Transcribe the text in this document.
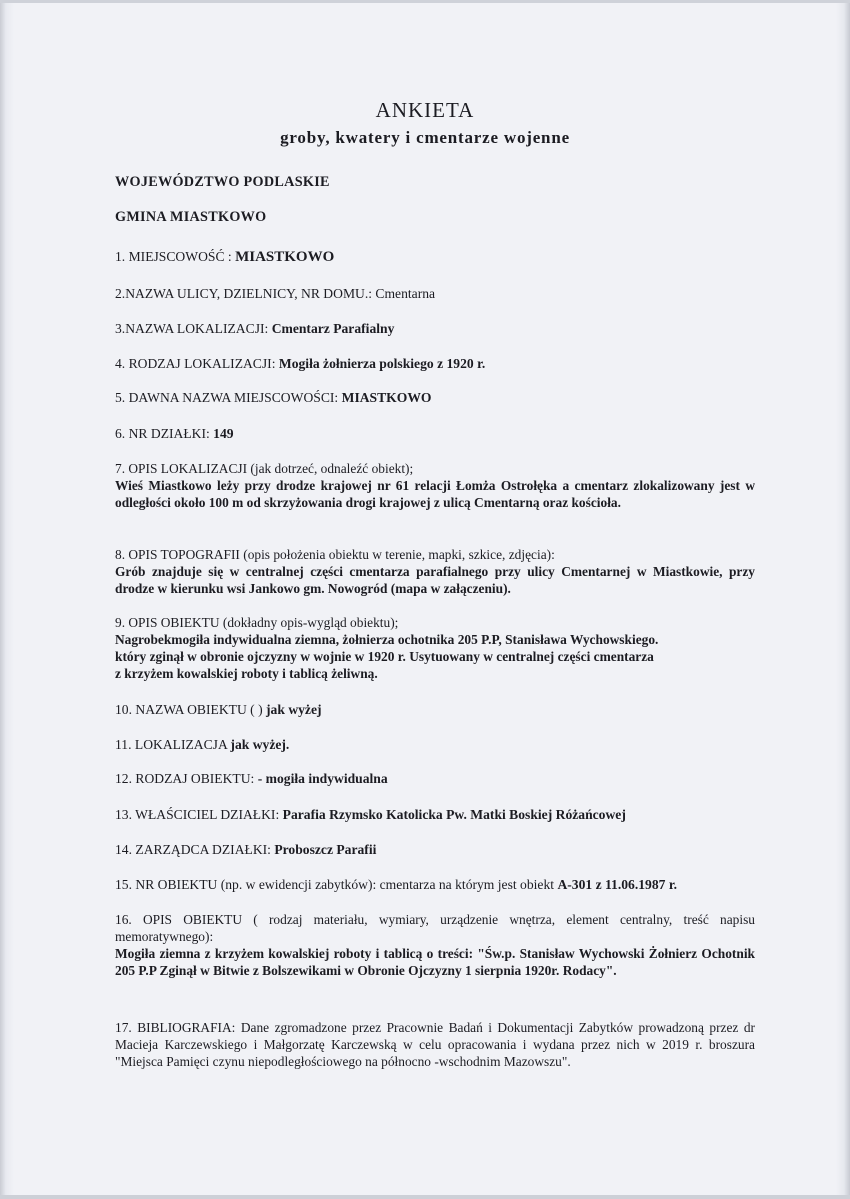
ANKIETA
groby, kwatery i cmentarze wojenne
WOJEWÓDZTWO PODLASKIE
GMINA MIASTKOWO
1. MIEJSCOWOŚĆ : MIASTKOWO
2.NAZWA ULICY, DZIELNICY, NR DOMU.: Cmentarna
3.NAZWA LOKALIZACJI: Cmentarz Parafialny
4. RODZAJ LOKALIZACJI: Mogiła żołnierza polskiego z 1920 r.
5. DAWNA NAZWA MIEJSCOWOŚCI: MIASTKOWO
6. NR DZIAŁKI: 149
7. OPIS LOKALIZACJI (jak dotrzeć, odnaleźć obiekt);
Wieś Miastkowo leży przy drodze krajowej nr 61 relacji Łomża Ostrołęka a cmentarz zlokalizowany jest w odległości około 100 m od skrzyżowania drogi krajowej z ulicą Cmentarną oraz kościoła.
8. OPIS TOPOGRAFII (opis położenia obiektu w terenie, mapki, szkice, zdjęcia):
Grób znajduje się w centralnej części cmentarza parafialnego przy ulicy Cmentarnej w Miastkowie, przy drodze w kierunku wsi Jankowo gm. Nowogród (mapa w załączeniu).
9. OPIS OBIEKTU (dokładny opis-wygląd obiektu);
Nagrobekmogiła indywidualna ziemna, żołnierza ochotnika 205 P.P, Stanisława Wychowskiego.
który zginął w obronie ojczyzny w wojnie w 1920 r. Usytuowany w centralnej części cmentarza
z krzyżem kowalskiej roboty i tablicą żeliwną.
10. NAZWA OBIEKTU ( ) jak wyżej
11. LOKALIZACJA jak wyżej.
12. RODZAJ OBIEKTU: - mogiła indywidualna
13. WŁAŚCICIEL DZIAŁKI: Parafia Rzymsko Katolicka Pw. Matki Boskiej Różańcowej
14. ZARZĄDCA DZIAŁKI: Proboszcz Parafii
15. NR OBIEKTU (np. w ewidencji zabytków): cmentarza na którym jest obiekt A-301 z 11.06.1987 r.
16. OPIS OBIEKTU ( rodzaj materiału, wymiary, urządzenie wnętrza, element centralny, treść napisu memoratywnego):
Mogiła ziemna z krzyżem kowalskiej roboty i tablicą o treści: "Św.p. Stanisław Wychowski Żołnierz Ochotnik 205 P.P Zginął w Bitwie z Bolszewikami w Obronie Ojczyzny 1 sierpnia 1920r. Rodacy".
17. BIBLIOGRAFIA: Dane zgromadzone przez Pracownie Badań i Dokumentacji Zabytków prowadzoną przez dr Macieja Karczewskiego i Małgorzatę Karczewską w celu opracowania i wydana przez nich w 2019 r. broszura "Miejsca Pamięci czynu niepodległościowego na północno -wschodnim Mazowszu".
